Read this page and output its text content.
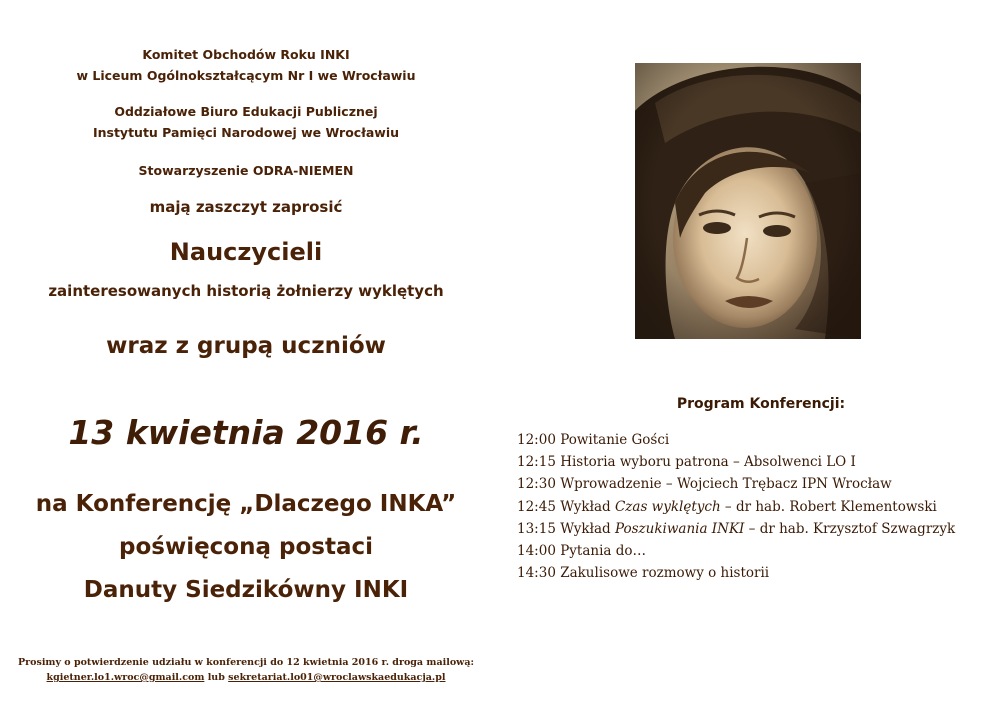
Komitet Obchodów Roku INKI
w Liceum Ogólnokształcącym Nr I we Wrocławiu
Oddziałowe Biuro Edukacji Publicznej
Instytutu Pamięci Narodowej we Wrocławiu
Stowarzyszenie ODRA-NIEMEN
mają zaszczyt zaprosić
Nauczycieli
zainteresowanych historią żołnierzy wyklętych
wraz z grupą uczniów
13 kwietnia 2016 r.
na Konferencję „Dlaczego INKA”
poświęconą postaci
Danuty Siedzikówny INKI
Prosimy o potwierdzenie udziału w konferencji do 12 kwietnia 2016 r. droga mailową:
kgietner.lo1.wroc@gmail.com lub sekretariat.lo01@wroclawskaedukacja.pl
Program Konferencji:
12:00 Powitanie Gości
12:15 Historia wyboru patrona – Absolwenci LO I
12:30 Wprowadzenie – Wojciech Trębacz IPN Wrocław
12:45 Wykład Czas wyklętych – dr hab. Robert Klementowski
13:15 Wykład Poszukiwania INKI – dr hab. Krzysztof Szwagrzyk
14:00 Pytania do…
14:30 Zakulisowe rozmowy o historii
